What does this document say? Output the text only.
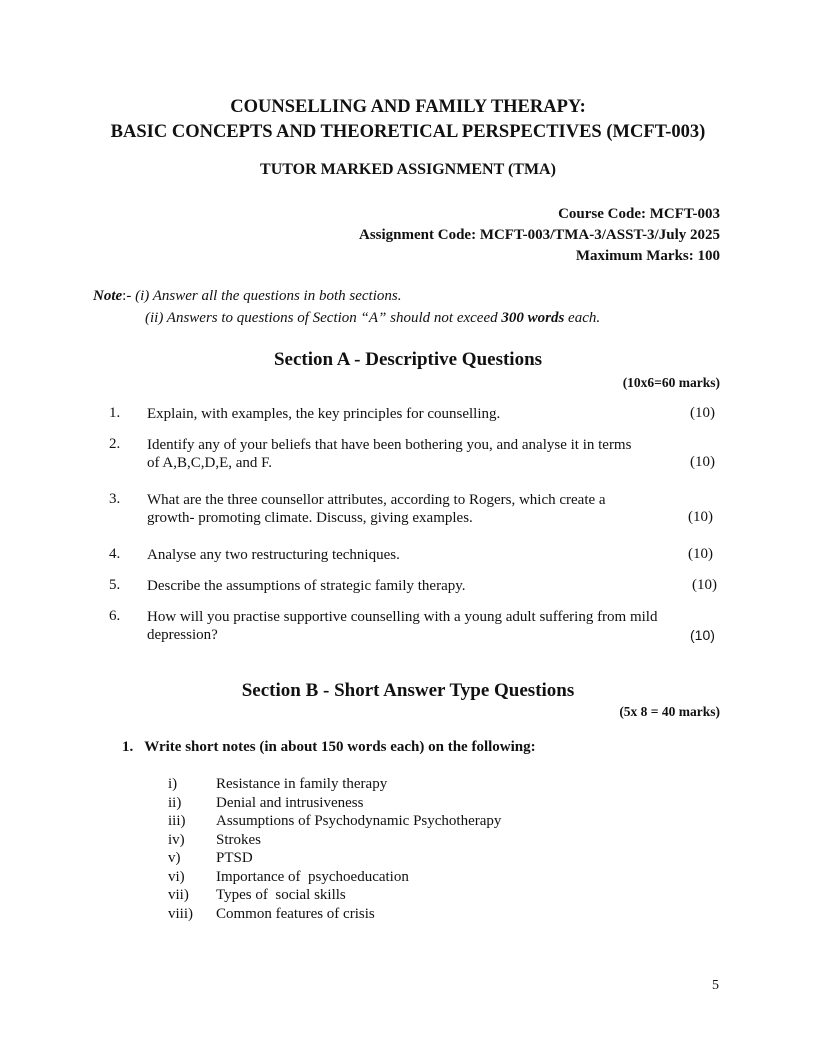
COUNSELLING AND FAMILY THERAPY:
BASIC CONCEPTS AND THEORETICAL PERSPECTIVES (MCFT-003)
TUTOR MARKED ASSIGNMENT (TMA)
Course Code: MCFT-003
Assignment Code: MCFT-003/TMA-3/ASST-3/July 2025
Maximum Marks: 100
Note:- (i) Answer all the questions in both sections.
(ii) Answers to questions of Section “A” should not exceed 300 words each.
Section A - Descriptive Questions
(10x6=60 marks)
1. Explain, with examples, the key principles for counselling.	(10)
2. Identify any of your beliefs that have been bothering you, and analyse it in terms
of A,B,C,D,E, and F.	(10)
3. What are the three counsellor attributes, according to Rogers, which create a
growth- promoting climate. Discuss, giving examples.	(10)
4. Analyse any two restructuring techniques.	(10)
5. Describe the assumptions of strategic family therapy.	(10)
6. How will you practise supportive counselling with a young adult suffering from mild
depression?	(10)
Section B - Short Answer Type Questions
(5x 8 = 40 marks)
1. Write short notes (in about 150 words each) on the following:
i)	Resistance in family therapy
ii) Denial and intrusiveness
iii) Assumptions of Psychodynamic Psychotherapy
iv) Strokes
v) PTSD
vi) Importance of  psychoeducation
vii) Types of  social skills
viii) Common features of crisis
5
